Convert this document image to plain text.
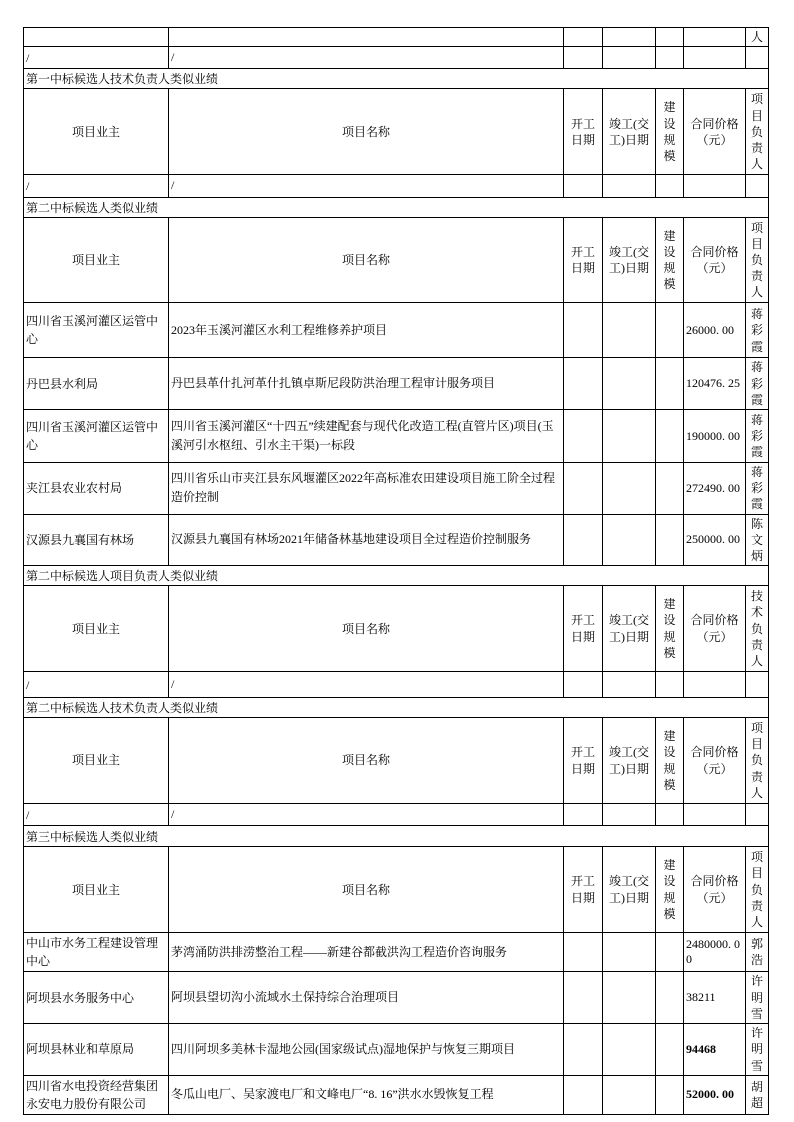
						人
/	/					
第一中标候选人技术负责人类似业绩						
项目业主	项目名称	开工日期	竣工(交工)日期	建设规模	合同价格（元）	项目负责人
/	/					
第二中标候选人类似业绩						
项目业主	项目名称	开工日期	竣工(交工)日期	建设规模	合同价格（元）	项目负责人
四川省玉溪河灌区运管中心	2023年玉溪河灌区水利工程维修养护项目				26000. 00	蒋彩霞
丹巴县水利局	丹巴县革什扎河革什扎镇卓斯尼段防洪治理工程审计服务项目				120476. 25	蒋彩霞
四川省玉溪河灌区运管中心	四川省玉溪河灌区“十四五”续建配套与现代化改造工程(直管片区)项目(玉溪河引水枢纽、引水主干渠)一标段				190000. 00	蒋彩霞
夹江县农业农村局	四川省乐山市夹江县东风堰灌区2022年高标准农田建设项目施工阶全过程造价控制				272490. 00	蒋彩霞
汉源县九襄国有林场	汉源县九襄国有林场2021年储备林基地建设项目全过程造价控制服务				250000. 00	陈文炳
第二中标候选人项目负责人类似业绩						
项目业主	项目名称	开工日期	竣工(交工)日期	建设规模	合同价格（元）	技术负责人
/	/					
第二中标候选人技术负责人类似业绩						
项目业主	项目名称	开工日期	竣工(交工)日期	建设规模	合同价格（元）	项目负责人
/	/					
第三中标候选人类似业绩						
项目业主	项目名称	开工日期	竣工(交工)日期	建设规模	合同价格（元）	项目负责人
中山市水务工程建设管理中心	茅湾涌防洪排涝整治工程——新建谷都截洪沟工程造价咨询服务				2480000. 00	郭浩
阿坝县水务服务中心	阿坝县望切沟小流域水土保持综合治理项目				38211	许明雪
阿坝县林业和草原局	四川阿坝多美林卡湿地公园(国家级试点)湿地保护与恢复三期项目				94468	许明雪
四川省水电投资经营集团永安电力股份有限公司	冬瓜山电厂、吴家渡电厂和文峰电厂“8. 16”洪水水毁恢复工程				52000. 00	胡超
